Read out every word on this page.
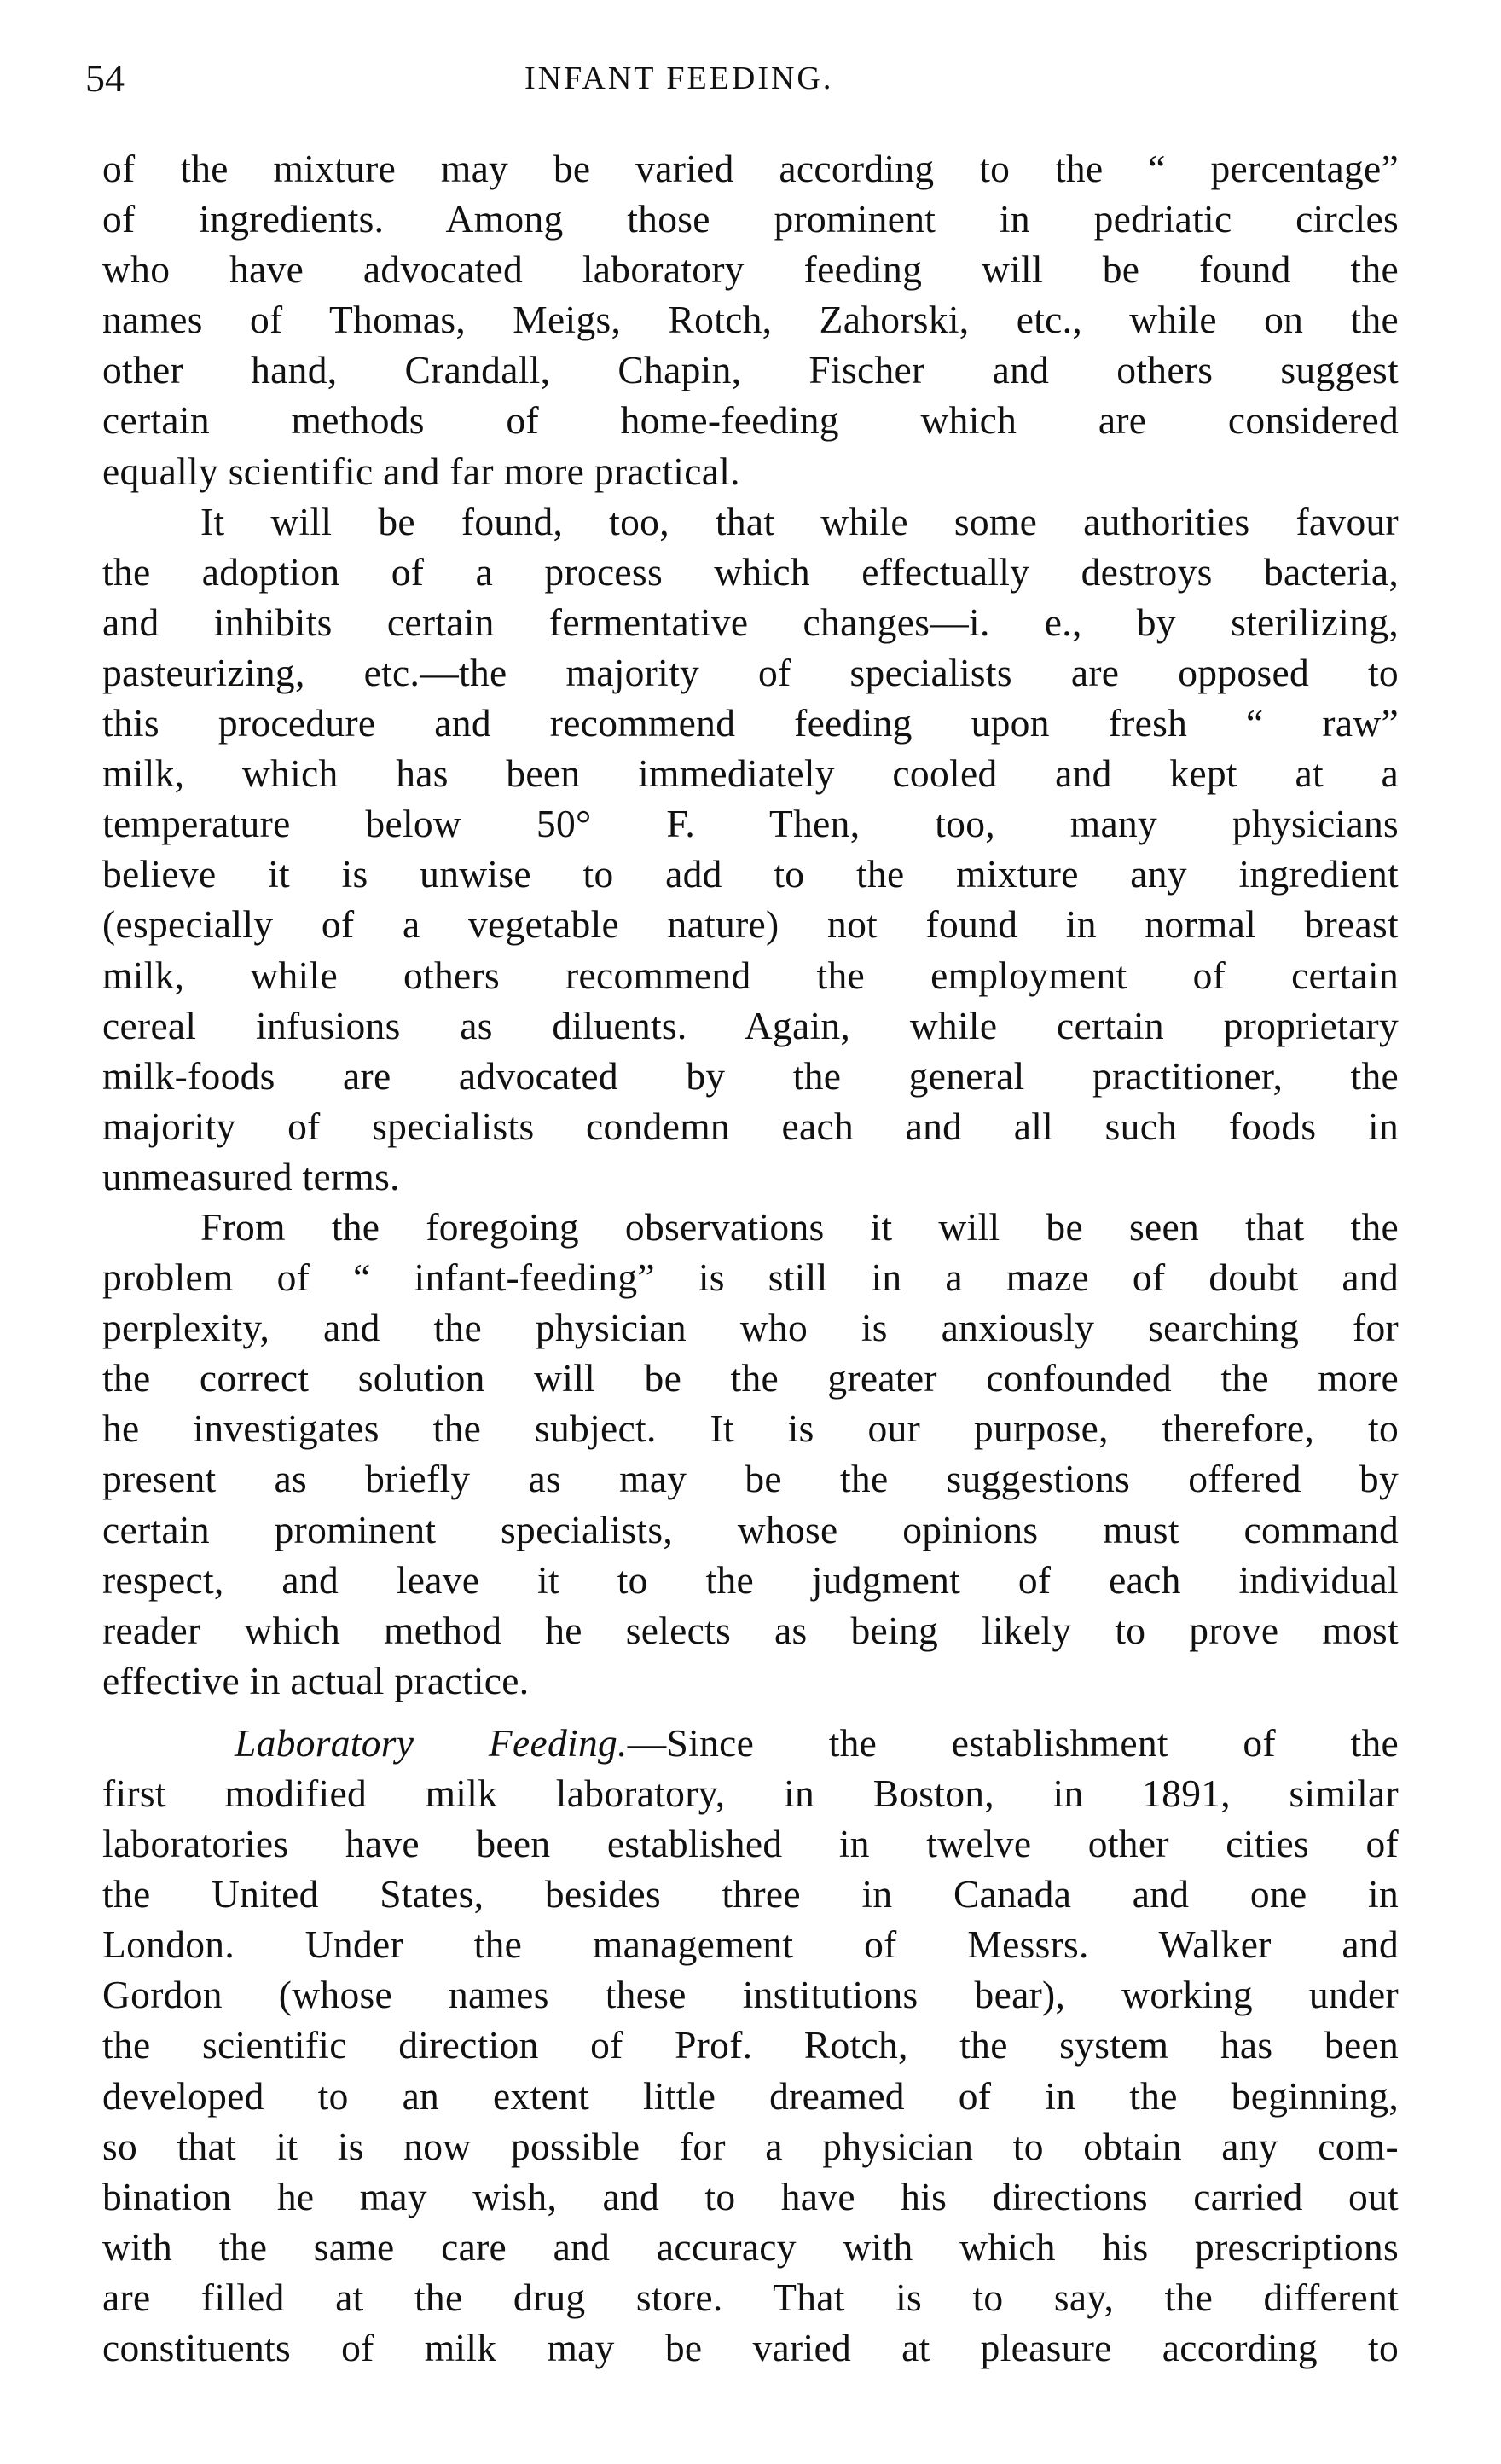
54	INFANT FEEDING.
of the mixture may be varied according to the “ percentage”
of ingredients. Among those prominent in pedriatic circles
who have advocated laboratory feeding will be found the
names of Thomas, Meigs, Rotch, Zahorski, etc., while on the
other hand, Crandall, Chapin, Fischer and others suggest
certain methods of home-feeding which are considered
equally scientific and far more practical.
It will be found, too, that while some authorities favour
the adoption of a process which effectually destroys bacteria,
and inhibits certain fermentative changes—i. e., by sterilizing,
pasteurizing, etc.—the majority of specialists are opposed to
this procedure and recommend feeding upon fresh “ raw”
milk, which has been immediately cooled and kept at a
temperature below 50° F. Then, too, many physicians
believe it is unwise to add to the mixture any ingredient
(especially of a vegetable nature) not found in normal breast
milk, while others recommend the employment of certain
cereal infusions as diluents. Again, while certain proprietary
milk-foods are advocated by the general practitioner, the
majority of specialists condemn each and all such foods in
unmeasured terms.
From the foregoing observations it will be seen that the
problem of “ infant-feeding” is still in a maze of doubt and
perplexity, and the physician who is anxiously searching for
the correct solution will be the greater confounded the more
he investigates the subject. It is our purpose, therefore, to
present as briefly as may be the suggestions offered by
certain prominent specialists, whose opinions must command
respect, and leave it to the judgment of each individual
reader which method he selects as being likely to prove most
effective in actual practice.
Laboratory Feeding.—Since the establishment of the
first modified milk laboratory, in Boston, in 1891, similar
laboratories have been established in twelve other cities of
the United States, besides three in Canada and one in
London. Under the management of Messrs. Walker and
Gordon (whose names these institutions bear), working under
the scientific direction of Prof. Rotch, the system has been
developed to an extent little dreamed of in the beginning,
so that it is now possible for a physician to obtain any com-
bination he may wish, and to have his directions carried out
with the same care and accuracy with which his prescriptions
are filled at the drug store. That is to say, the different
constituents of milk may be varied at pleasure according to
